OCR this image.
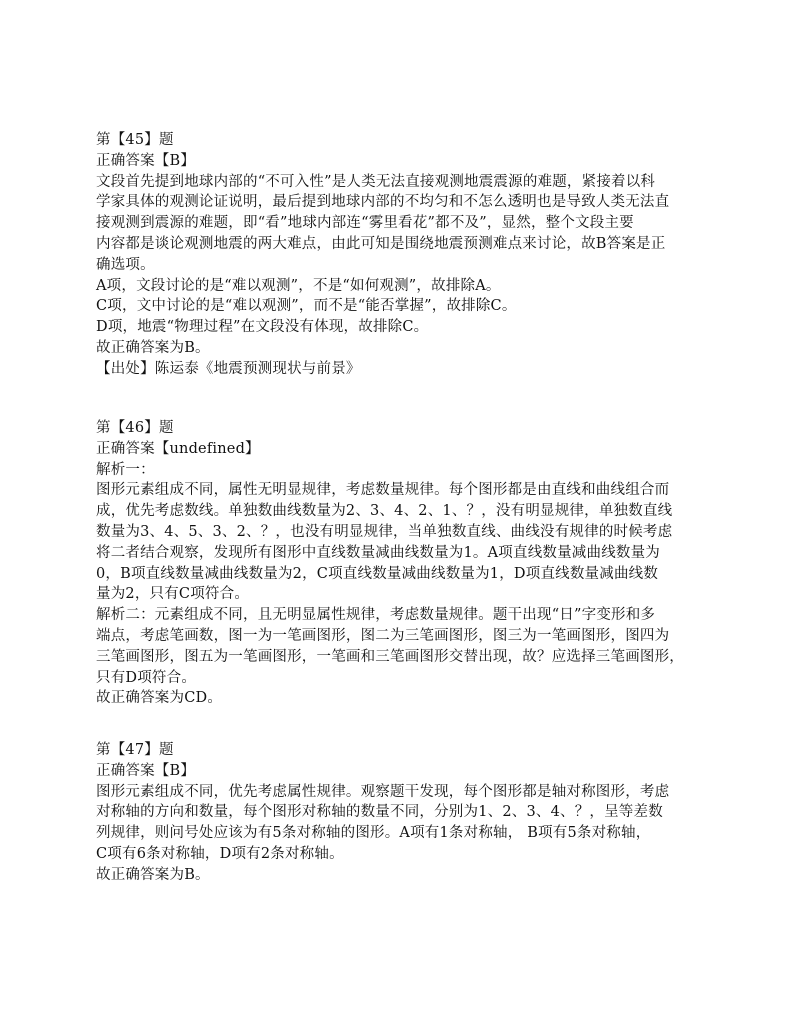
第【45】题
正确答案【B】
文段首先提到地球内部的“不可入性”是人类无法直接观测地震震源的难题，紧接着以科
学家具体的观测论证说明，最后提到地球内部的不均匀和不怎么透明也是导致人类无法直
接观测到震源的难题，即“看”地球内部连“雾里看花”都不及”，显然，整个文段主要
内容都是谈论观测地震的两大难点，由此可知是围绕地震预测难点来讨论，故B答案是正
确选项。
A项，文段讨论的是“难以观测”，不是“如何观测”，故排除A。
C项，文中讨论的是“难以观测”，而不是“能否掌握”，故排除C。
D项，地震“物理过程”在文段没有体现，故排除C。
故正确答案为B。
【出处】陈运泰《地震预测现状与前景》
第【46】题
正确答案【undefined】
解析一：
图形元素组成不同，属性无明显规律，考虑数量规律。每个图形都是由直线和曲线组合而
成，优先考虑数线。单独数曲线数量为2、3、4、2、1、？，没有明显规律，单独数直线
数量为3、4、5、3、2、？，也没有明显规律，当单独数直线、曲线没有规律的时候考虑
将二者结合观察，发现所有图形中直线数量减曲线数量为1。A项直线数量减曲线数量为
0，B项直线数量减曲线数量为2，C项直线数量减曲线数量为1，D项直线数量减曲线数
量为2，只有C项符合。
解析二：元素组成不同，且无明显属性规律，考虑数量规律。题干出现“日”字变形和多
端点，考虑笔画数，图一为一笔画图形，图二为三笔画图形，图三为一笔画图形，图四为
三笔画图形，图五为一笔画图形，一笔画和三笔画图形交替出现，故？应选择三笔画图形，
只有D项符合。
故正确答案为CD。
第【47】题
正确答案【B】
图形元素组成不同，优先考虑属性规律。观察题干发现，每个图形都是轴对称图形，考虑
对称轴的方向和数量，每个图形对称轴的数量不同，分别为1、2、3、4、？，呈等差数
列规律，则问号处应该为有5条对称轴的图形。A项有1条对称轴， B项有5条对称轴，
C项有6条对称轴，D项有2条对称轴。
故正确答案为B。
